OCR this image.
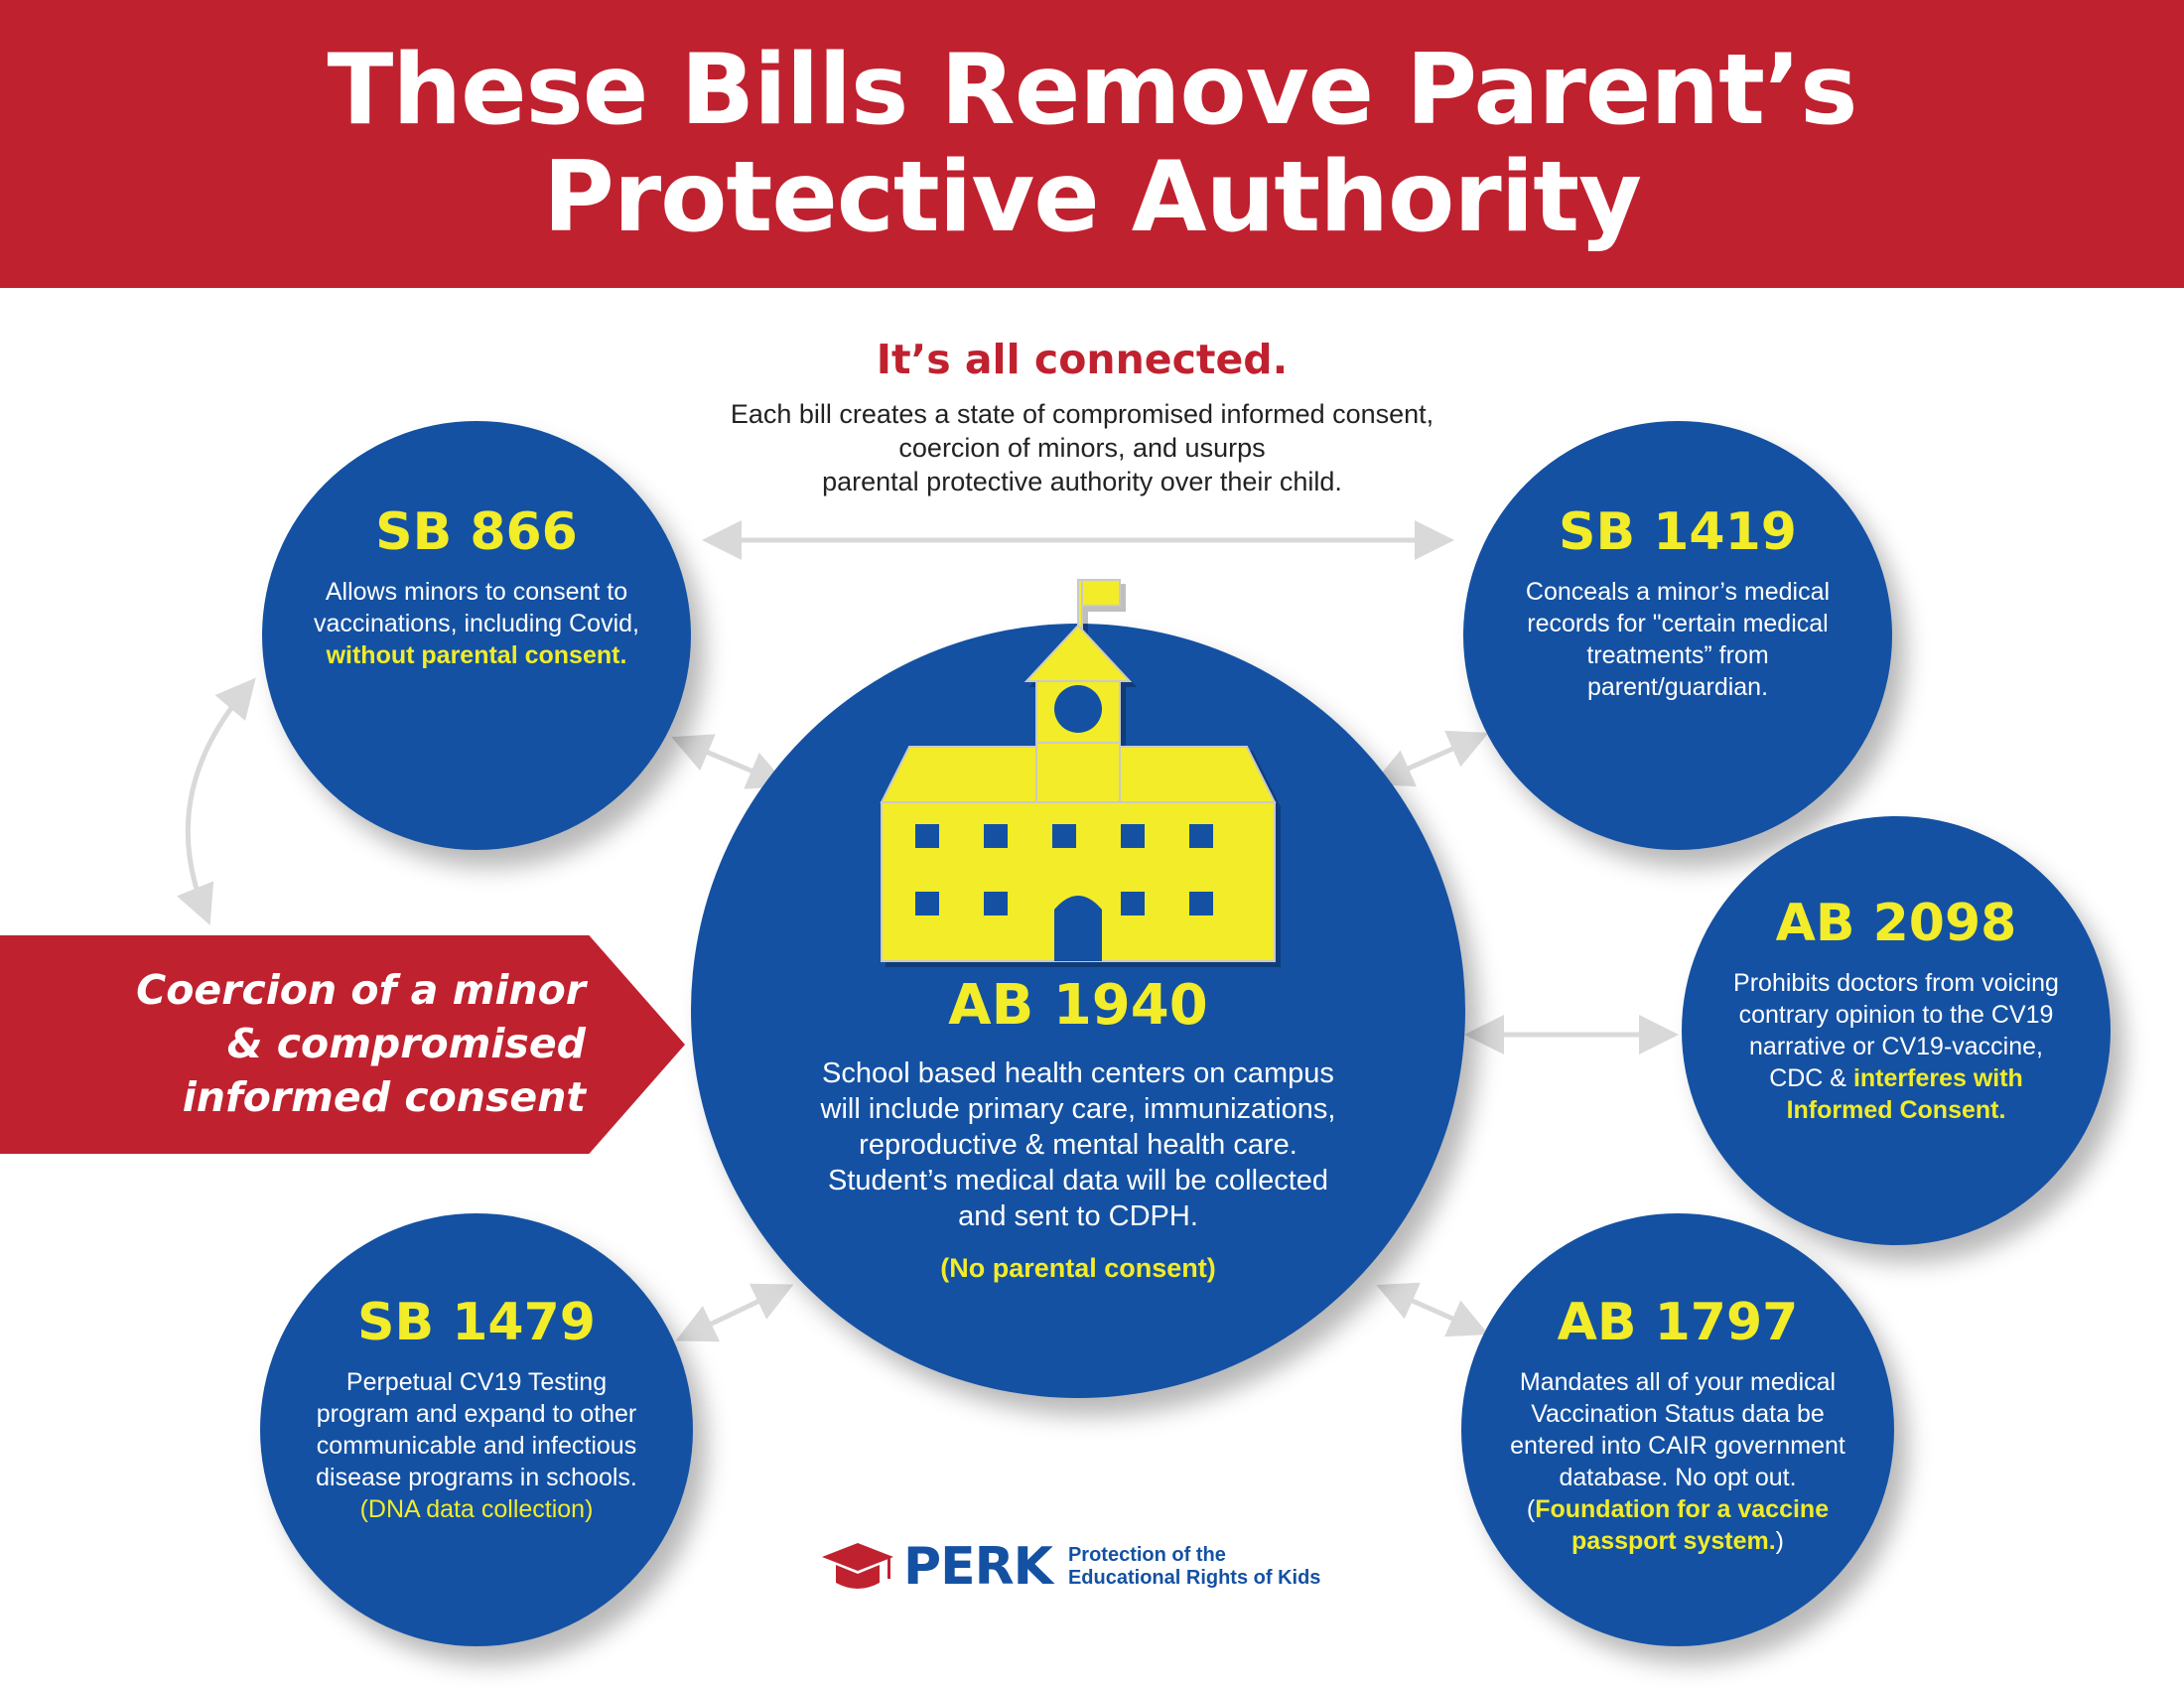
These Bills Remove Parent’s
Protective Authority
It’s all connected.
Each bill creates a state of compromised informed consent,
coercion of minors, and usurps
parental protective authority over their child.
Coercion of a minor
& compromised
informed consent
SB 866
Allows minors to consent to vaccinations, including Covid, without parental consent.
SB 1419
Conceals a minor’s medical records for "certain medical treatments” from parent/guardian.
AB 2098
Prohibits doctors from voicing contrary opinion to the CV19 narrative or CV19-vaccine, CDC & interferes with Informed Consent.
SB 1479
Perpetual CV19 Testing program and expand to other communicable and infectious disease programs in schools.
(DNA data collection)
AB 1797
Mandates all of your medical Vaccination Status data be entered into CAIR government database. No opt out. (Foundation for a vaccine passport system.)
AB 1940
School based health centers on campus will include primary care, immunizations, reproductive & mental health care. Student’s medical data will be collected and sent to CDPH.
(No parental consent)
PERK Protection of the
Educational Rights of Kids
